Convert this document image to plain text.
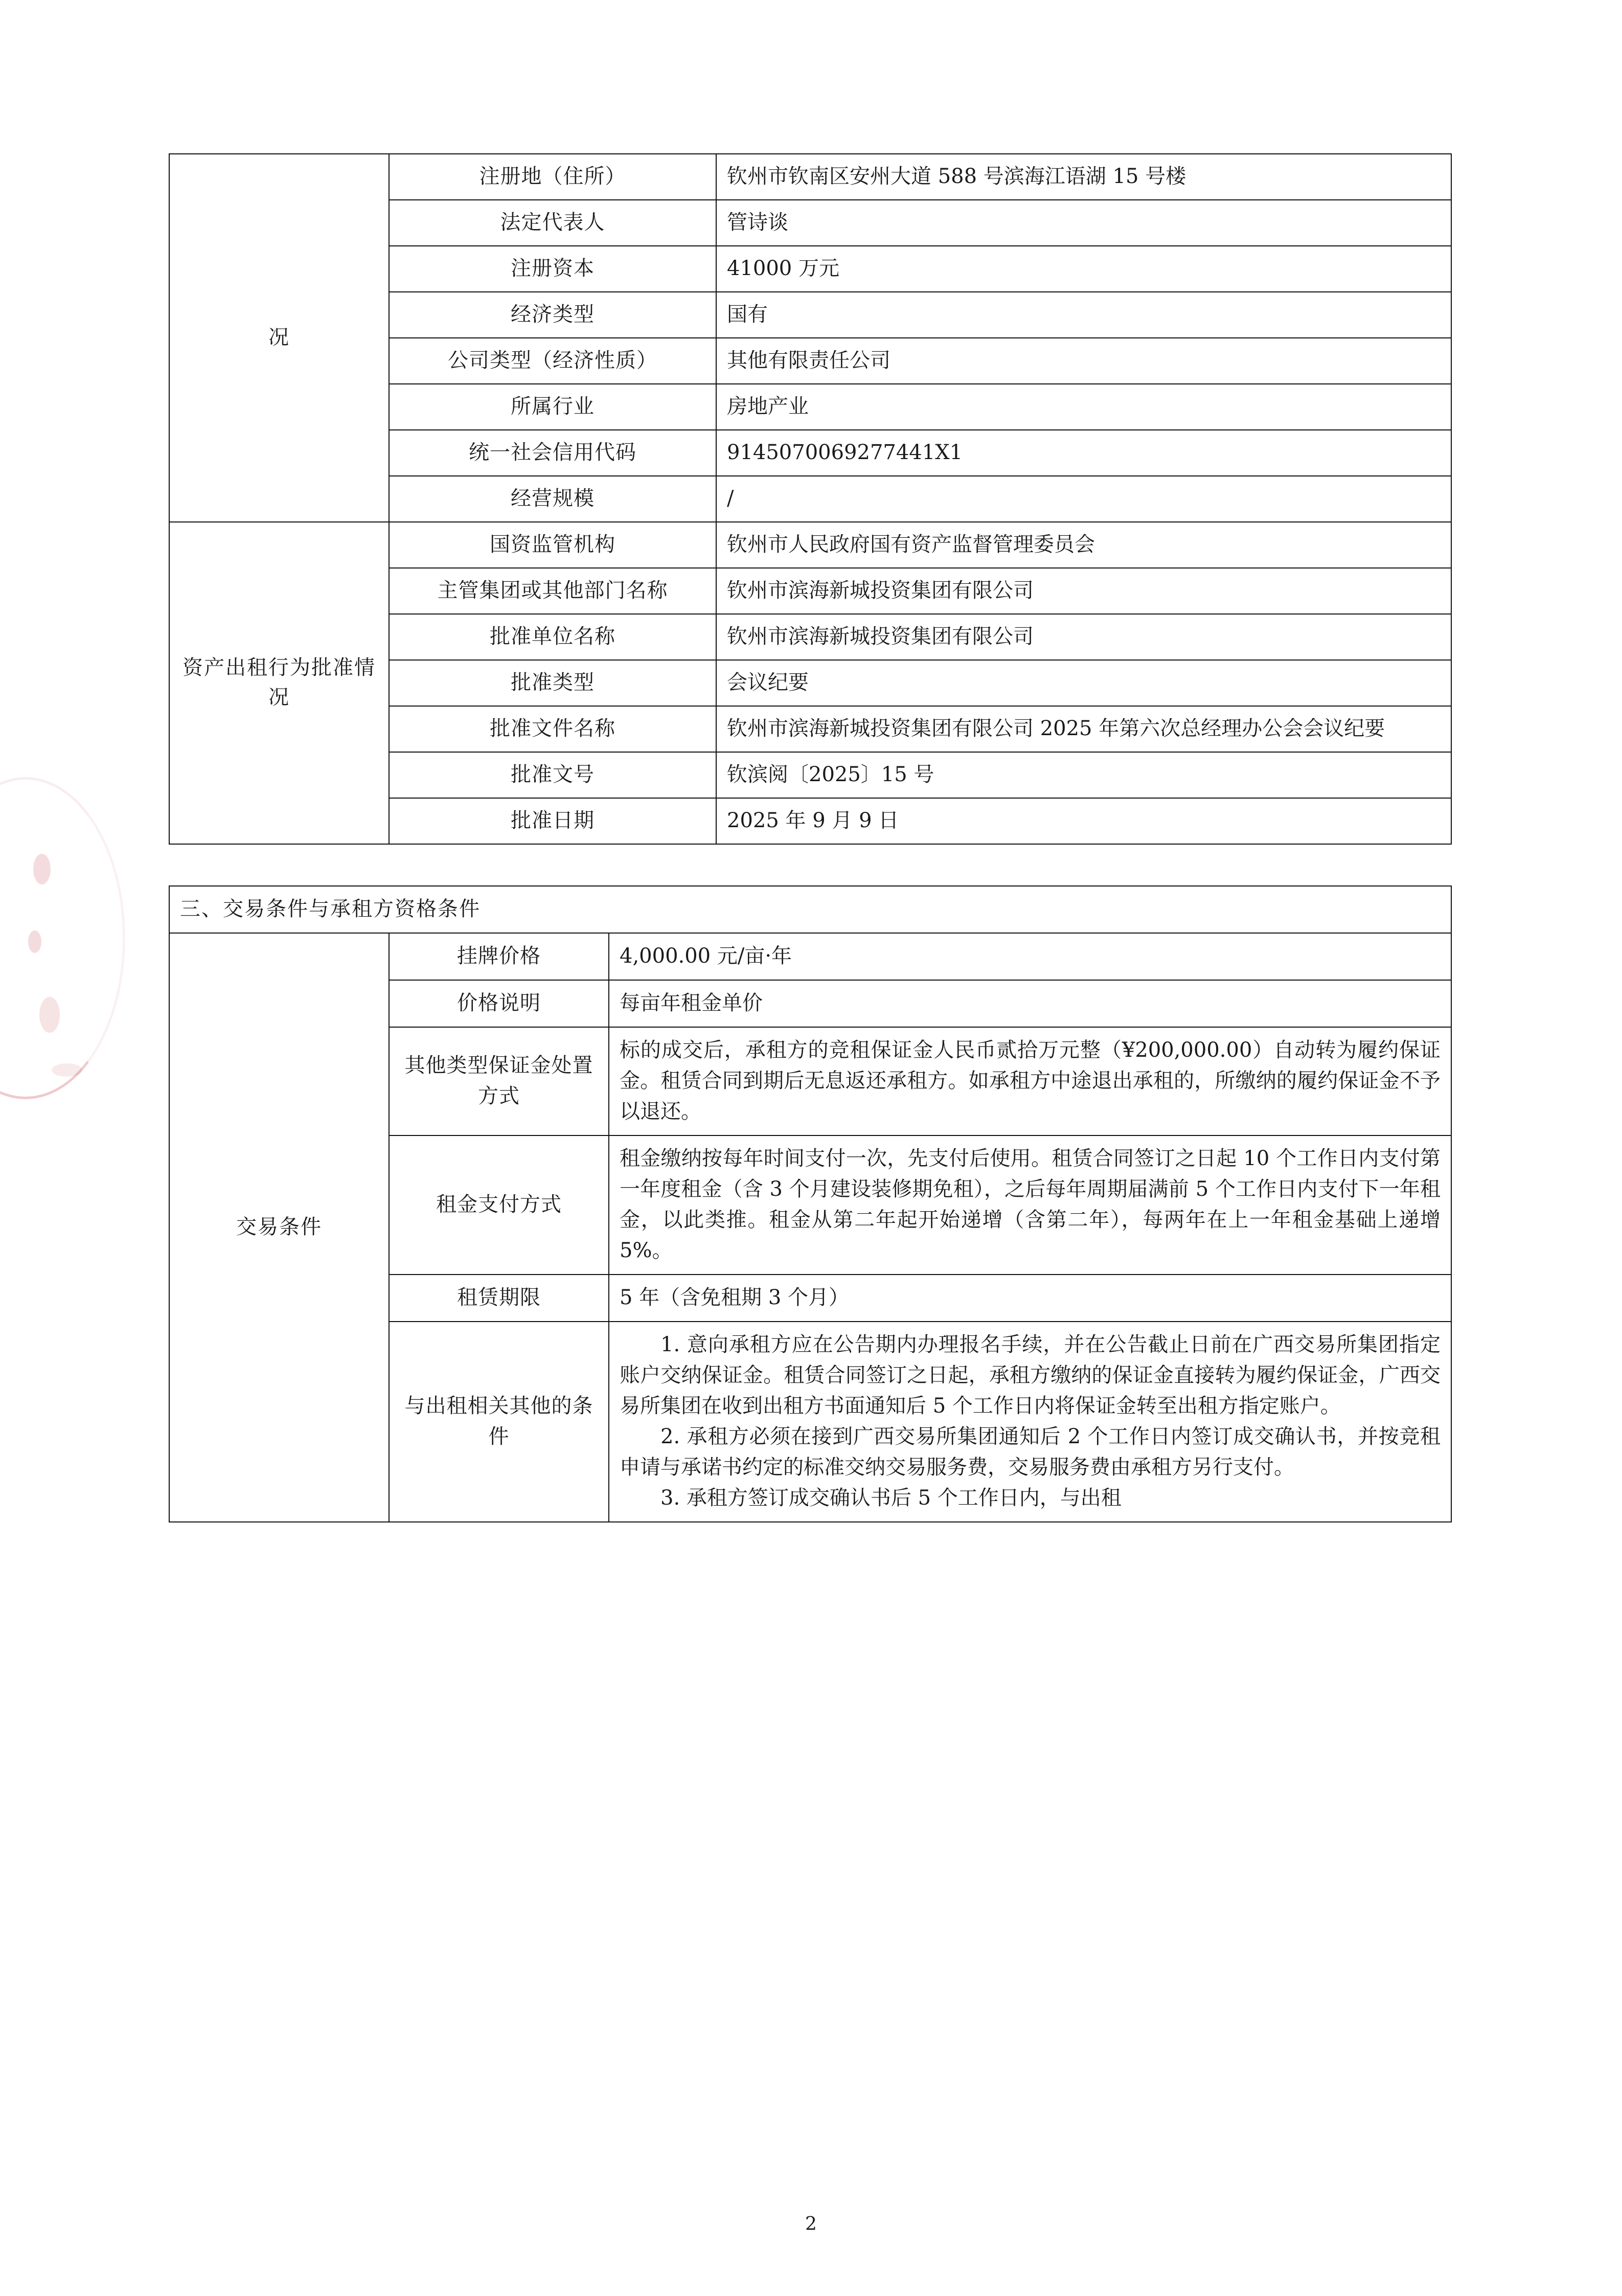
况	注册地（住所）	钦州市钦南区安州大道 588 号滨海江语湖 15 号楼
	法定代表人	管诗谈
	注册资本	41000 万元
	经济类型	国有
	公司类型（经济性质）	其他有限责任公司
	所属行业	房地产业
	统一社会信用代码	9145070069277441X1
	经营规模	/
资产出租行为批准情况	国资监管机构	钦州市人民政府国有资产监督管理委员会
	主管集团或其他部门名称	钦州市滨海新城投资集团有限公司
	批准单位名称	钦州市滨海新城投资集团有限公司
	批准类型	会议纪要
	批准文件名称	钦州市滨海新城投资集团有限公司 2025 年第六次总经理办公会会议纪要
	批准文号	钦滨阅〔2025〕15 号
	批准日期	2025 年 9 月 9 日
三、交易条件与承租方资格条件		
交易条件	挂牌价格	4,000.00 元/亩·年
	价格说明	每亩年租金单价
	其他类型保证金处置方式	标的成交后，承租方的竞租保证金人民币贰拾万元整（¥200,000.00）自动转为履约保证金。租赁合同到期后无息返还承租方。如承租方中途退出承租的，所缴纳的履约保证金不予以退还。
	租金支付方式	租金缴纳按每年时间支付一次，先支付后使用。租赁合同签订之日起 10 个工作日内支付第一年度租金（含 3 个月建设装修期免租），之后每年周期届满前 5 个工作日内支付下一年租金，以此类推。租金从第二年起开始递增（含第二年），每两年在上一年租金基础上递增 5%。
	租赁期限	5 年（含免租期 3 个月）
	与出租相关其他的条件	1. 意向承租方应在公告期内办理报名手续，并在公告截止日前在广西交易所集团指定账户交纳保证金。租赁合同签订之日起，承租方缴纳的保证金直接转为履约保证金，广西交易所集团在收到出租方书面通知后 5 个工作日内将保证金转至出租方指定账户。
2. 承租方必须在接到广西交易所集团通知后 2 个工作日内签订成交确认书，并按竞租申请与承诺书约定的标准交纳交易服务费，交易服务费由承租方另行支付。
3. 承租方签订成交确认书后 5 个工作日内，与出租
2
